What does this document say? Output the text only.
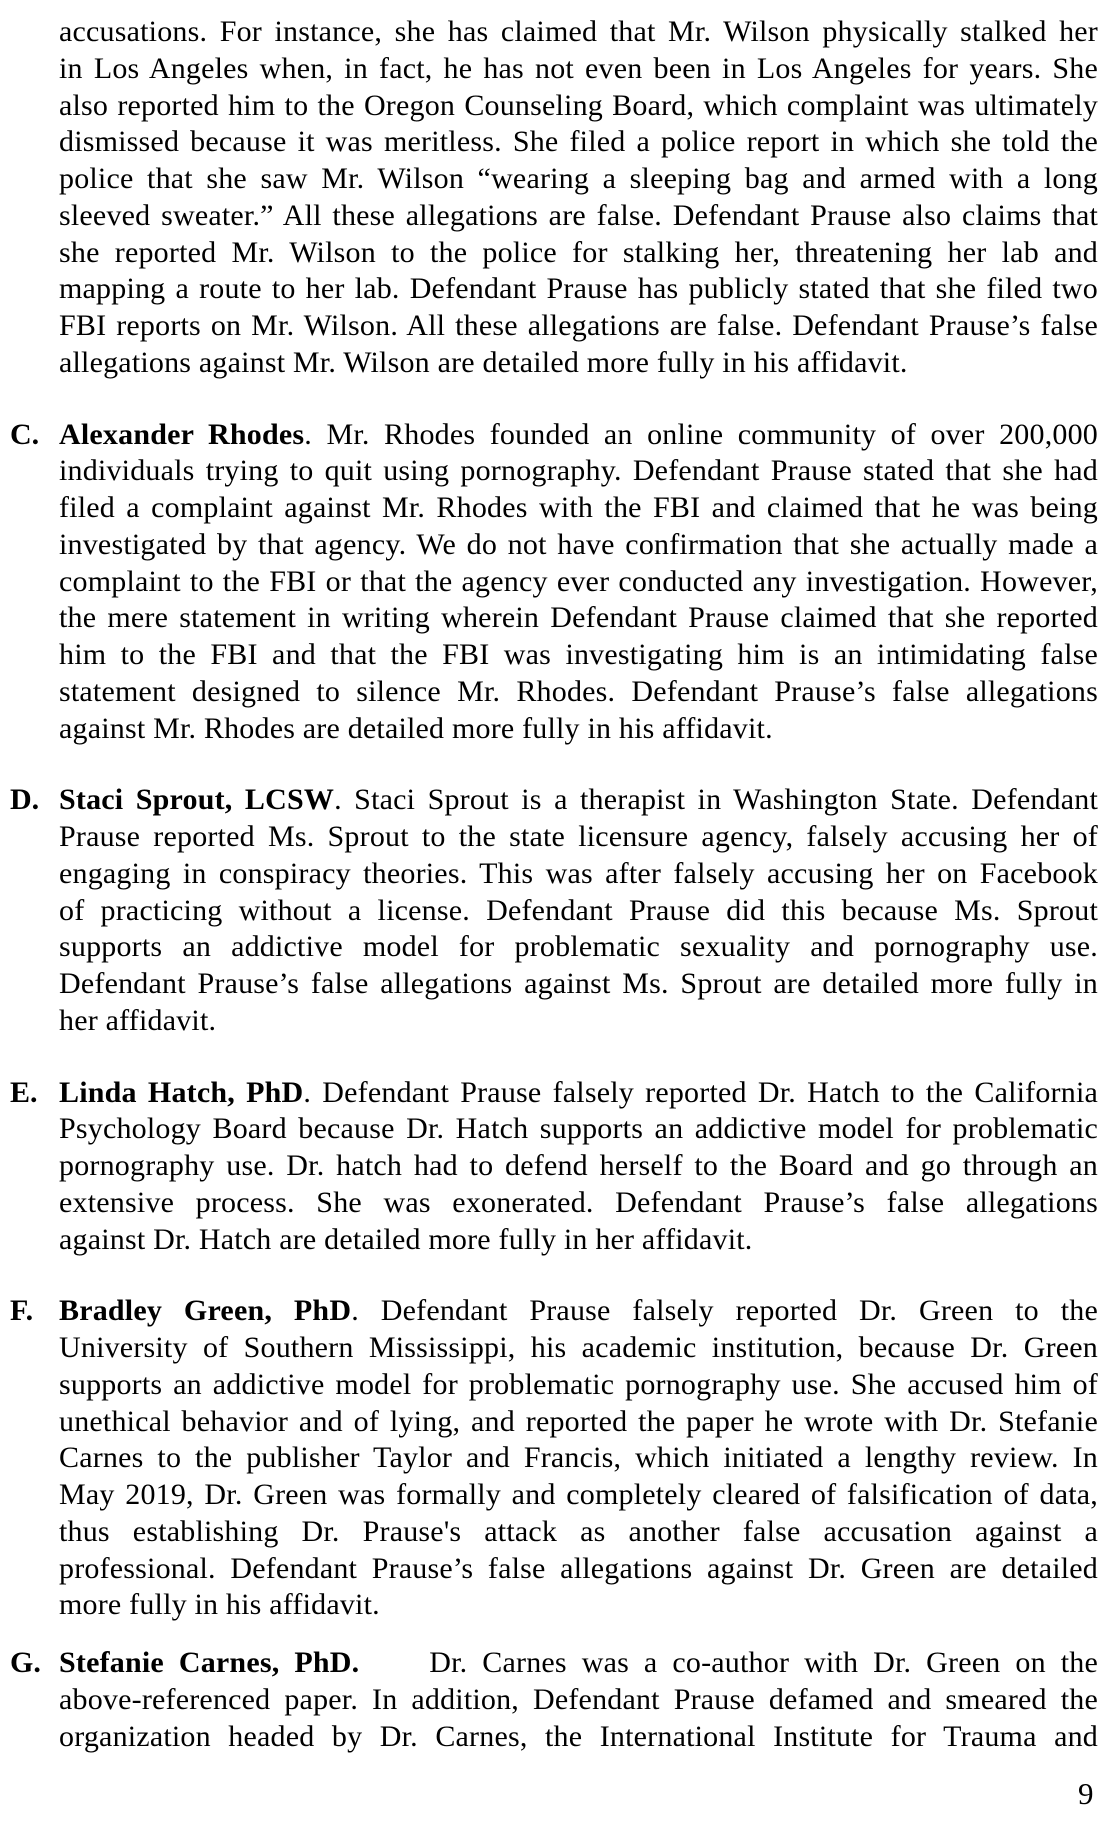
accusations. For instance, she has claimed that Mr. Wilson physically stalked her
in Los Angeles when, in fact, he has not even been in Los Angeles for years. She
also reported him to the Oregon Counseling Board, which complaint was ultimately
dismissed because it was meritless. She filed a police report in which she told the
police that she saw Mr. Wilson “wearing a sleeping bag and armed with a long
sleeved sweater.” All these allegations are false. Defendant Prause also claims that
she reported Mr. Wilson to the police for stalking her, threatening her lab and
mapping a route to her lab. Defendant Prause has publicly stated that she filed two
FBI reports on Mr. Wilson. All these allegations are false. Defendant Prause’s false
allegations against Mr. Wilson are detailed more fully in his affidavit.
C. Alexander Rhodes. Mr. Rhodes founded an online community of over 200,000
individuals trying to quit using pornography. Defendant Prause stated that she had
filed a complaint against Mr. Rhodes with the FBI and claimed that he was being
investigated by that agency. We do not have confirmation that she actually made a
complaint to the FBI or that the agency ever conducted any investigation. However,
the mere statement in writing wherein Defendant Prause claimed that she reported
him to the FBI and that the FBI was investigating him is an intimidating false
statement designed to silence Mr. Rhodes. Defendant Prause’s false allegations
against Mr. Rhodes are detailed more fully in his affidavit.
D. Staci Sprout, LCSW. Staci Sprout is a therapist in Washington State. Defendant
Prause reported Ms. Sprout to the state licensure agency, falsely accusing her of
engaging in conspiracy theories. This was after falsely accusing her on Facebook
of practicing without a license. Defendant Prause did this because Ms. Sprout
supports an addictive model for problematic sexuality and pornography use.
Defendant Prause’s false allegations against Ms. Sprout are detailed more fully in
her affidavit.
E. Linda Hatch, PhD. Defendant Prause falsely reported Dr. Hatch to the California
Psychology Board because Dr. Hatch supports an addictive model for problematic
pornography use. Dr. hatch had to defend herself to the Board and go through an
extensive process. She was exonerated. Defendant Prause’s false allegations
against Dr. Hatch are detailed more fully in her affidavit.
F. Bradley Green, PhD. Defendant Prause falsely reported Dr. Green to the
University of Southern Mississippi, his academic institution, because Dr. Green
supports an addictive model for problematic pornography use. She accused him of
unethical behavior and of lying, and reported the paper he wrote with Dr. Stefanie
Carnes to the publisher Taylor and Francis, which initiated a lengthy review. In
May 2019, Dr. Green was formally and completely cleared of falsification of data,
thus establishing Dr. Prause's attack as another false accusation against a
professional. Defendant Prause’s false allegations against Dr. Green are detailed
more fully in his affidavit.
G. Stefanie Carnes, PhD. Dr. Carnes was a co-author with Dr. Green on the
above-referenced paper. In addition, Defendant Prause defamed and smeared the
organization headed by Dr. Carnes, the International Institute for Trauma and
9
